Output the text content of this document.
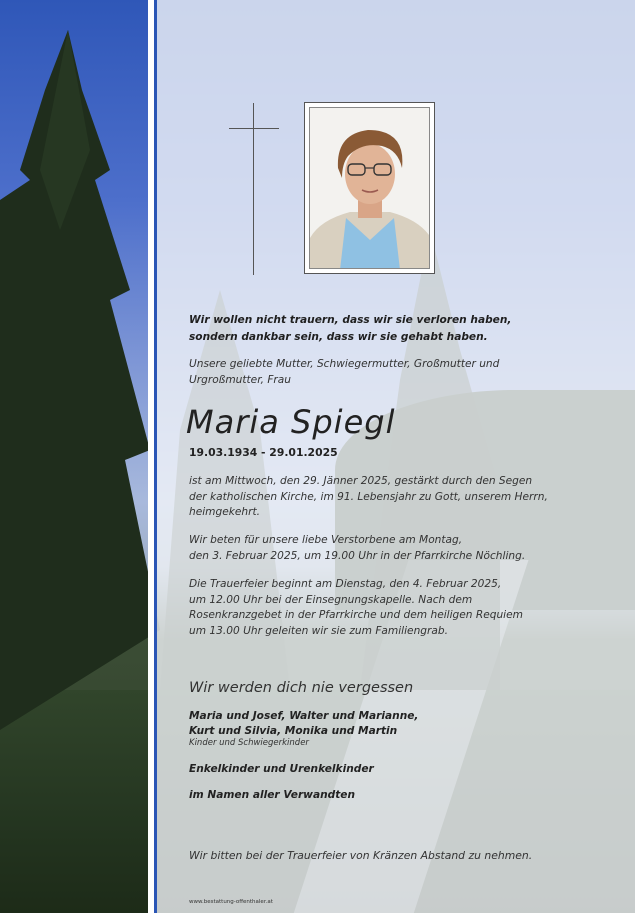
Wir wollen nicht trauern, dass wir sie verloren haben,
sondern dankbar sein, dass wir sie gehabt haben.
Unsere geliebte Mutter, Schwiegermutter, Großmutter und
Urgroßmutter, Frau
Maria Spiegl
19.03.1934 - 29.01.2025
ist am Mittwoch, den 29. Jänner 2025, gestärkt durch den Segen
der katholischen Kirche, im 91. Lebensjahr zu Gott, unserem Herrn,
heimgekehrt.
Wir beten für unsere liebe Verstorbene am Montag,
den 3. Februar 2025, um 19.00 Uhr in der Pfarrkirche Nöchling.
Die Trauerfeier beginnt am Dienstag, den 4. Februar 2025,
um 12.00 Uhr bei der Einsegnungskapelle. Nach dem
Rosenkranzgebet in der Pfarrkirche und dem heiligen Requiem
um 13.00 Uhr geleiten wir sie zum Familiengrab.
Wir werden dich nie vergessen
Maria und Josef, Walter und Marianne,
Kurt und Silvia, Monika und Martin
Kinder und Schwiegerkinder
Enkelkinder und Urenkelkinder
im Namen aller Verwandten
Wir bitten bei der Trauerfeier von Kränzen Abstand zu nehmen.
www.bestattung-offenthaler.at
